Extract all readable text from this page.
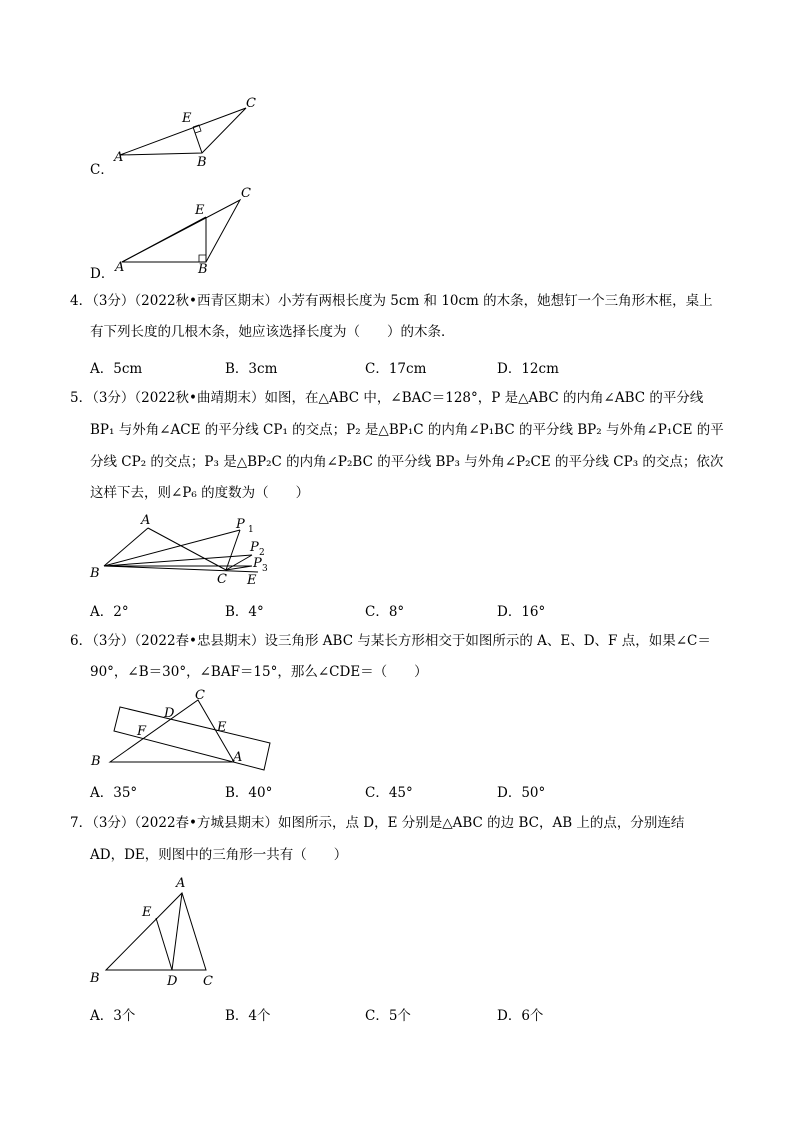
C．
A	B
C
E
D． A	B
C
E
4．（3分）（2022秋•西青区期末）小芳有两根长度为 5cm 和 10cm 的木条，她想钉一个三角形木框，桌上
有下列长度的几根木条，她应该选择长度为（　　）的木条．
A．5cm	B．3cm	C．17cm	D．12cm
5．（3分）（2022秋•曲靖期末）如图，在△ABC 中，∠BAC＝128°，P 是△ABC 的内角∠ABC 的平分线
BP₁ 与外角∠ACE 的平分线 CP₁ 的交点；P₂ 是△BP₁C 的内角∠P₁BC 的平分线 BP₂ 与外角∠P₁CE 的平
分线 CP₂ 的交点；P₃ 是△BP₂C 的内角∠P₂BC 的平分线 BP₃ 与外角∠P₂CE 的平分线 CP₃ 的交点；依次
这样下去，则∠P₆ 的度数为（　　）
A
B	C E
P 1
P 2
P 3
A．2°	B．4°	C．8°	D．16°
6．（3分）（2022春•忠县期末）设三角形 ABC 与某长方形相交于如图所示的 A、E、D、F 点，如果∠C＝
90°，∠B＝30°，∠BAF＝15°，那么∠CDE＝（　　）
C
D
E
F
B	A
A．35°	B．40°	C．45°	D．50°
7．（3分）（2022春•方城县期末）如图所示，点 D，E 分别是△ABC 的边 BC，AB 上的点，分别连结
AD，DE，则图中的三角形一共有（　　）
A
E
B	D C
A．3个	B．4个	C．5个	D．6个
